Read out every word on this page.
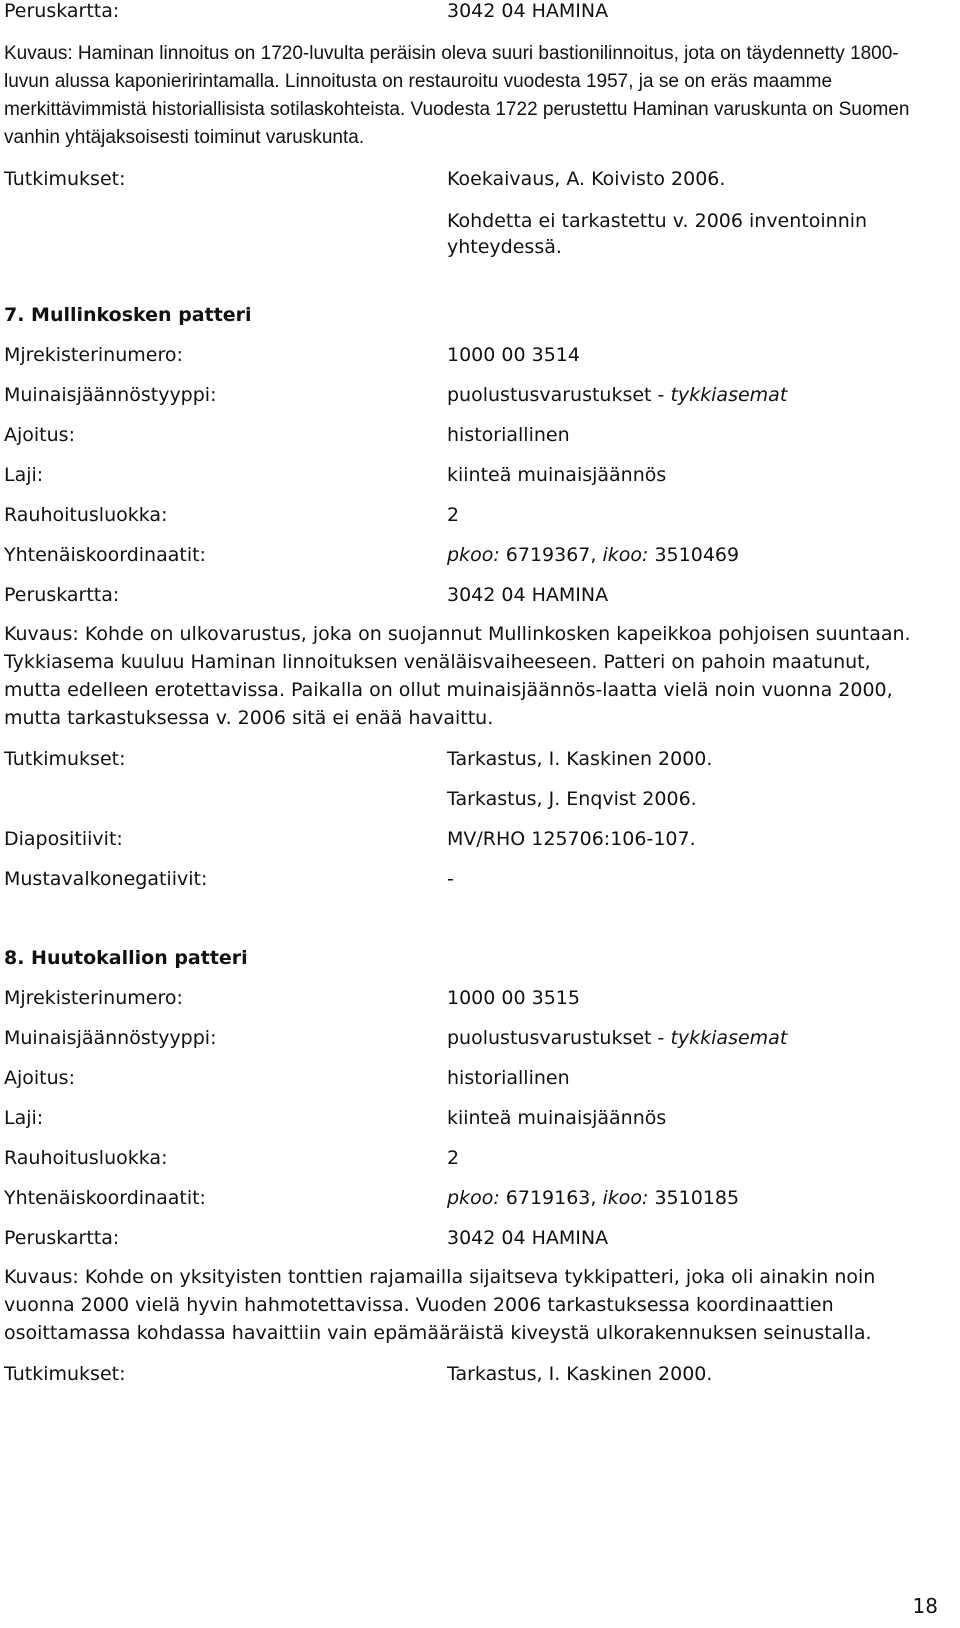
Peruskartta:	3042 04 HAMINA

Kuvaus: Haminan linnoitus on 1720-luvulta peräisin oleva suuri bastionilinnoitus, jota on täydennetty 1800-luvun alussa kaponieririntamalla. Linnoitusta on restauroitu vuodesta 1957, ja se on eräs maamme merkittävimmistä historiallisista sotilaskohteista. Vuodesta 1722 perustettu Haminan varuskunta on Suomen vanhin yhtäjaksoisesti toiminut varuskunta.

Tutkimukset:	Koekaivaus, A. Koivisto 2006.
Kohdetta ei tarkastettu v. 2006 inventoinnin yhteydessä.
7. Mullinkosken patteri
Mjrekisterinumero:	1000 00 3514
Muinaisjäännöstyyppi:	puolustusvarustukset - tykkiasemat
Ajoitus:	historiallinen
Laji:	kiinteä muinaisjäännös
Rauhoitusluokka:	2
Yhtenäiskoordinaatit:	pkoo: 6719367, ikoo: 3510469
Peruskartta:	3042 04 HAMINA

Kuvaus: Kohde on ulkovarustus, joka on suojannut Mullinkosken kapeikkoa pohjoisen suuntaan. Tykkiasema kuuluu Haminan linnoituksen venäläisvaiheeseen. Patteri on pahoin maatunut, mutta edelleen erotettavissa. Paikalla on ollut muinaisjäännös-laatta vielä noin vuonna 2000, mutta tarkastuksessa v. 2006 sitä ei enää havaittu.

Tutkimukset:	Tarkastus, I. Kaskinen 2000.
Tarkastus, J. Enqvist 2006.
Diapositiivit:	MV/RHO 125706:106-107.
Mustavalkonegatiivit:	-
8. Huutokallion patteri
Mjrekisterinumero:	1000 00 3515
Muinaisjäännöstyyppi:	puolustusvarustukset - tykkiasemat
Ajoitus:	historiallinen
Laji:	kiinteä muinaisjäännös
Rauhoitusluokka:	2
Yhtenäiskoordinaatit:	pkoo: 6719163, ikoo: 3510185
Peruskartta:	3042 04 HAMINA

Kuvaus: Kohde on yksityisten tonttien rajamailla sijaitseva tykkipatteri, joka oli ainakin noin vuonna 2000 vielä hyvin hahmotettavissa. Vuoden 2006 tarkastuksessa koordinaattien osoittamassa kohdassa havaittiin vain epämääräistä kiveystä ulkorakennuksen seinustalla.

Tutkimukset:	Tarkastus, I. Kaskinen 2000.
18
